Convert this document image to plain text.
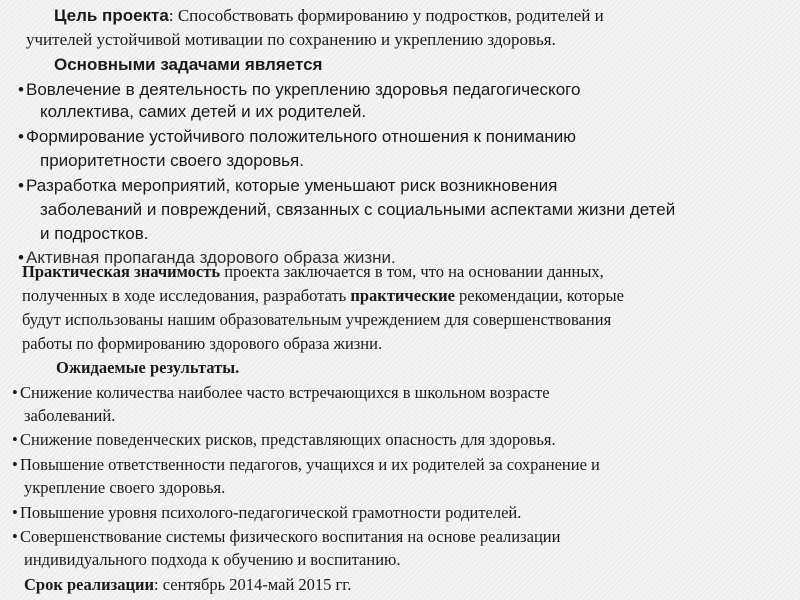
Цель проекта: Способствовать формированию у подростков, родителей и
учителей устойчивой мотивации по сохранению и укреплению здоровья.
Основными задачами является
• Вовлечение в деятельность по укреплению здоровья педагогического
коллектива, самих детей и их родителей.
• Формирование устойчивого положительного отношения к пониманию
приоритетности своего здоровья.
• Разработка мероприятий, которые уменьшают риск возникновения
заболеваний и повреждений, связанных с социальными аспектами жизни детей
и подростков.
• Активная пропаганда здорового образа жизни.
Практическая значимость проекта заключается в том, что на основании данных,
полученных в ходе исследования, разработать практические рекомендации, которые
будут использованы нашим образовательным учреждением для совершенствования
работы по формированию здорового образа жизни.
Ожидаемые результаты.
• Снижение количества наиболее часто встречающихся в школьном возрасте
заболеваний.
• Снижение поведенческих рисков, представляющих опасность для здоровья.
• Повышение ответственности педагогов, учащихся и их родителей за сохранение и
укрепление своего здоровья.
• Повышение уровня психолого-педагогической грамотности родителей.
• Совершенствование системы физического воспитания на основе реализации
индивидуального подхода к обучению и воспитанию.
Срок реализации: сентябрь 2014-май 2015 гг.
